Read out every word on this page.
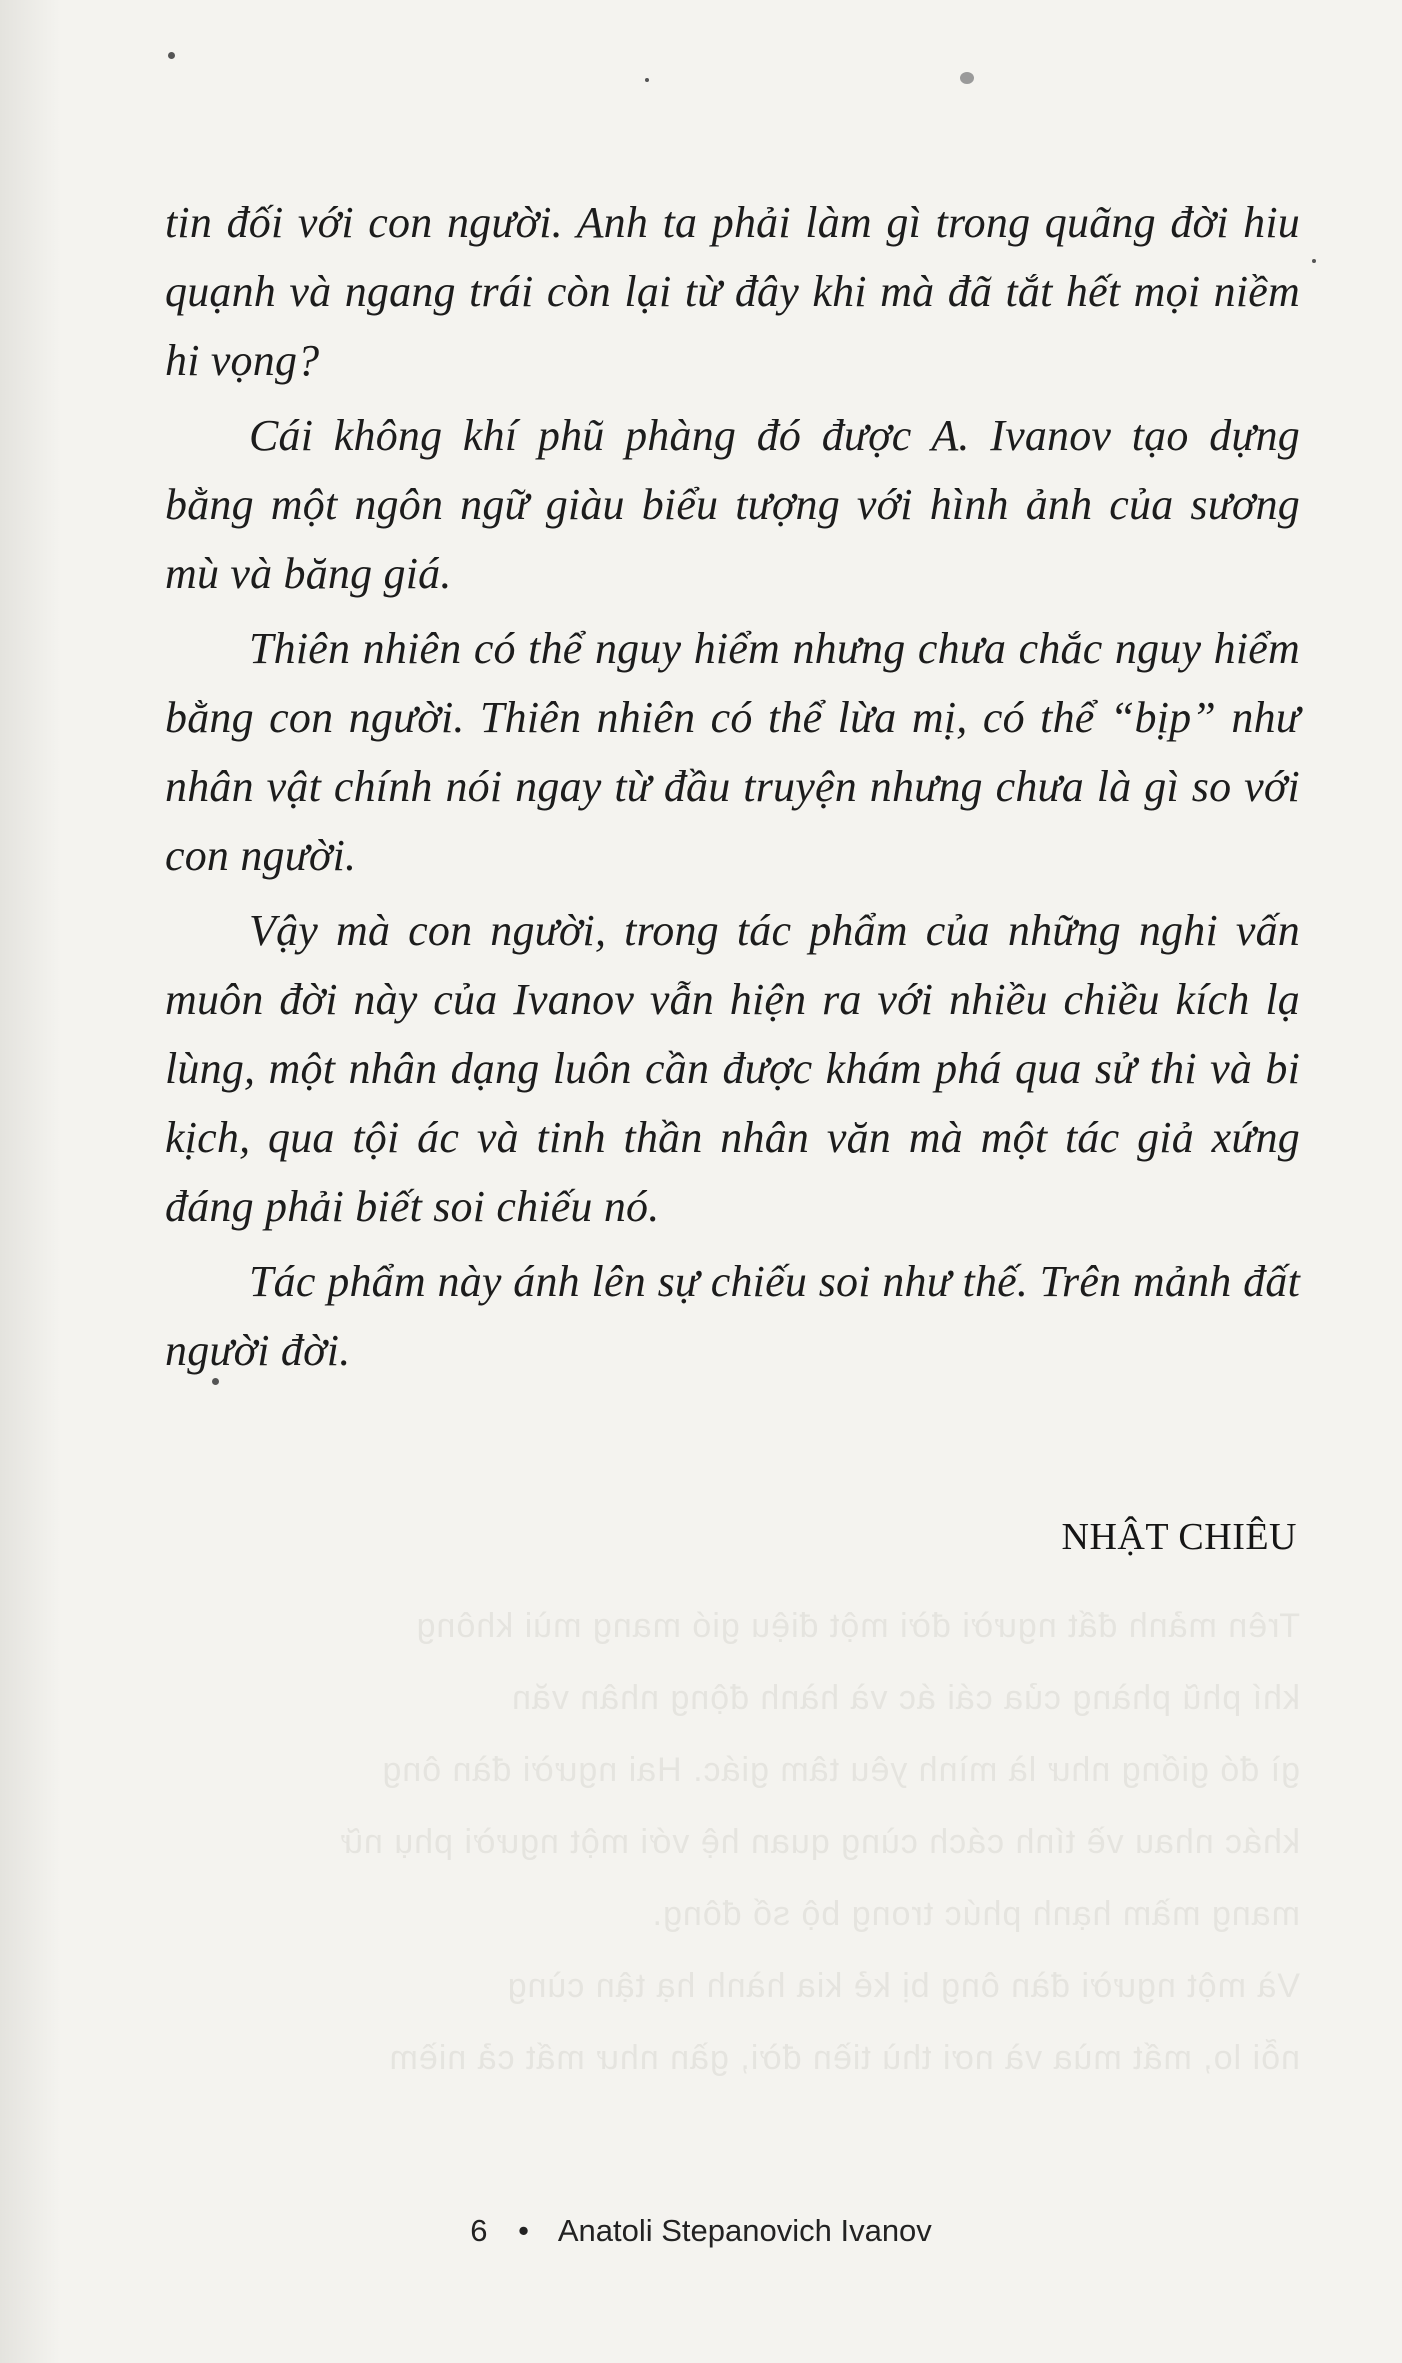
Trên mảnh đất người đời một điệu gió mang mùi không
khí phũ phàng của cái ác và hành động nhân văn
gì đó giống như là mình yêu tâm giác. Hai người đàn ông
khác nhau về tính cách cùng quan hệ với một người phụ nữ
mang mầm hạnh phúc trong bộ số đông.
Và một người đàn ông bị kẻ kia hành hạ tận cùng
nỗi lo, mất mùa và nơi thù tiền đời, gần như mất cả niềm

tin đối với con người. Anh ta phải làm gì trong quãng đời hiu quạnh và ngang trái còn lại từ đây khi mà đã tắt hết mọi niềm hi vọng?

Cái không khí phũ phàng đó được A. Ivanov tạo dựng bằng một ngôn ngữ giàu biểu tượng với hình ảnh của sương mù và băng giá.

Thiên nhiên có thể nguy hiểm nhưng chưa chắc nguy hiểm bằng con người. Thiên nhiên có thể lừa mị, có thể “bịp” như nhân vật chính nói ngay từ đầu truyện nhưng chưa là gì so với con người.

Vậy mà con người, trong tác phẩm của những nghi vấn muôn đời này của Ivanov vẫn hiện ra với nhiều chiều kích lạ lùng, một nhân dạng luôn cần được khám phá qua sử thi và bi kịch, qua tội ác và tinh thần nhân văn mà một tác giả xứng đáng phải biết soi chiếu nó.

Tác phẩm này ánh lên sự chiếu soi như thế. Trên mảnh đất người đời.

NHẬT CHIÊU
6 • Anatoli Stepanovich Ivanov
